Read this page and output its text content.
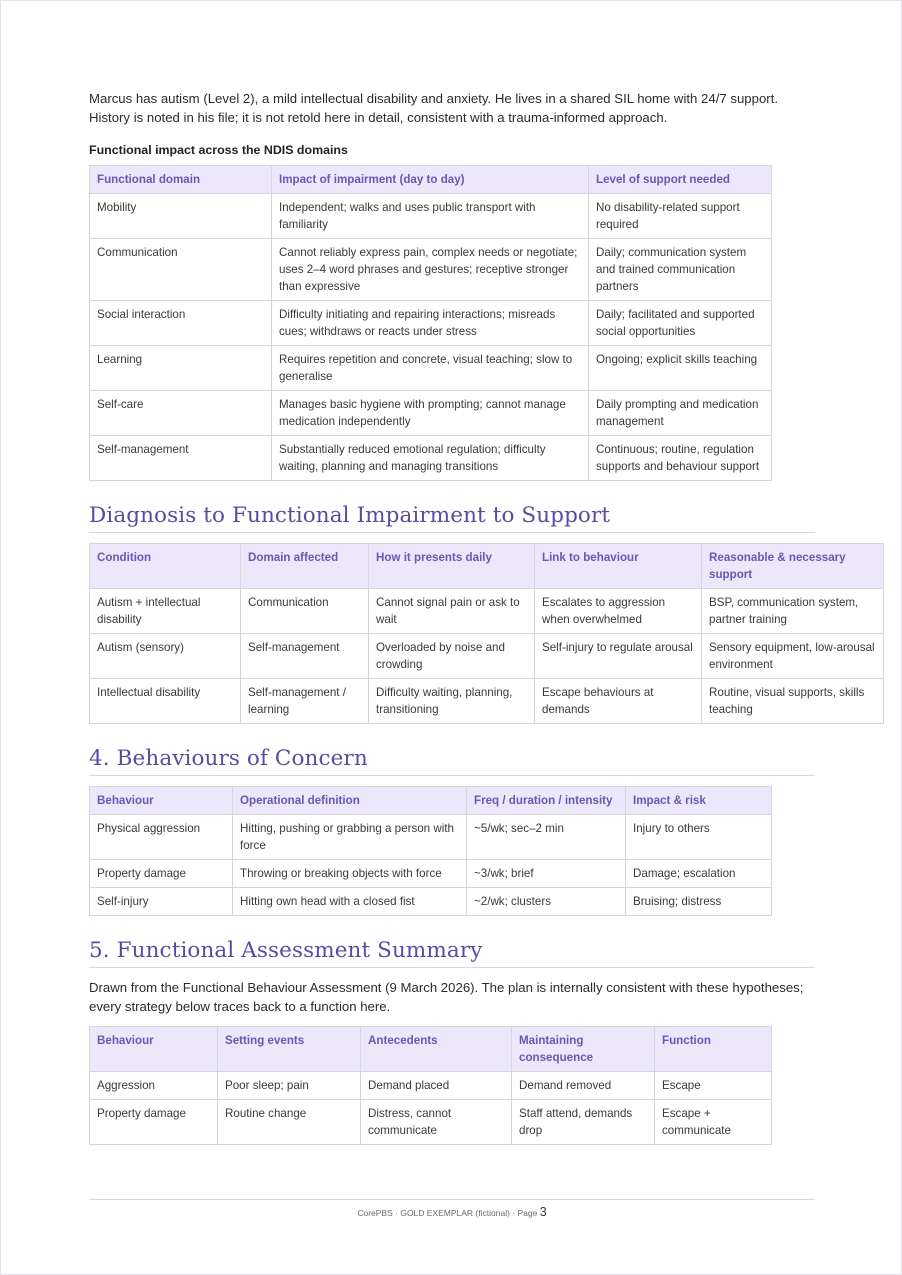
Marcus has autism (Level 2), a mild intellectual disability and anxiety. He lives in a shared SIL home with 24/7 support. History is noted in his file; it is not retold here in detail, consistent with a trauma-informed approach.

Functional impact across the NDIS domains
Functional domain	Impact of impairment (day to day)	Level of support needed
Mobility	Independent; walks and uses public transport with familiarity	No disability-related support required
Communication	Cannot reliably express pain, complex needs or negotiate; uses 2–4 word phrases and gestures; receptive stronger than expressive	Daily; communication system and trained communication partners
Social interaction	Difficulty initiating and repairing interactions; misreads cues; withdraws or reacts under stress	Daily; facilitated and supported social opportunities
Learning	Requires repetition and concrete, visual teaching; slow to generalise	Ongoing; explicit skills teaching
Self-care	Manages basic hygiene with prompting; cannot manage medication independently	Daily prompting and medication management
Self-management	Substantially reduced emotional regulation; difficulty waiting, planning and managing transitions	Continuous; routine, regulation supports and behaviour support
Diagnosis to Functional Impairment to Support
Condition	Domain affected	How it presents daily	Link to behaviour	Reasonable & necessary support
Autism + intellectual disability	Communication	Cannot signal pain or ask to wait	Escalates to aggression when overwhelmed	BSP, communication system, partner training
Autism (sensory)	Self-management	Overloaded by noise and crowding	Self-injury to regulate arousal	Sensory equipment, low-arousal environment
Intellectual disability	Self-management / learning	Difficulty waiting, planning, transitioning	Escape behaviours at demands	Routine, visual supports, skills teaching
4. Behaviours of Concern
Behaviour	Operational definition	Freq / duration / intensity	Impact & risk
Physical aggression	Hitting, pushing or grabbing a person with force	~5/wk; sec–2 min	Injury to others
Property damage	Throwing or breaking objects with force	~3/wk; brief	Damage; escalation
Self-injury	Hitting own head with a closed fist	~2/wk; clusters	Bruising; distress
5. Functional Assessment Summary

Drawn from the Functional Behaviour Assessment (9 March 2026). The plan is internally consistent with these hypotheses; every strategy below traces back to a function here.

Behaviour	Setting events	Antecedents	Maintaining consequence	Function
Aggression	Poor sleep; pain	Demand placed	Demand removed	Escape
Property damage	Routine change	Distress, cannot communicate	Staff attend, demands drop	Escape + communicate
CorePBS · GOLD EXEMPLAR (fictional) · Page 3
